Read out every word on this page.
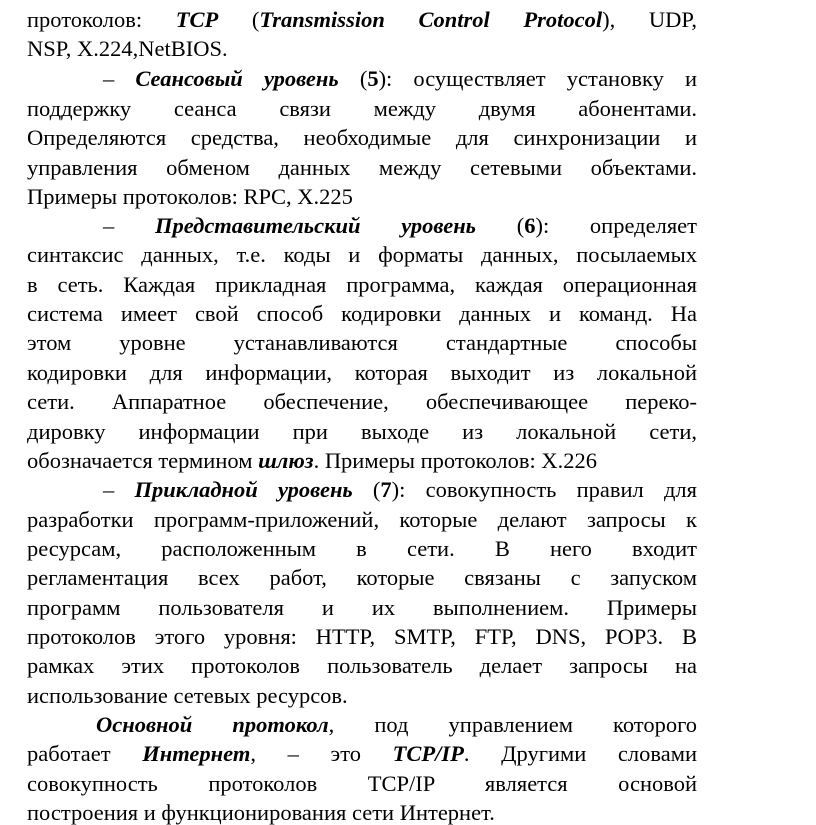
протоколов: TCP (Transmission Control Protocol), UDP,
NSP, X.224,NetBIOS.
– Сеансовый уровень (5): осуществляет установку и
поддержку сеанса связи между двумя абонентами.
Определяются средства, необходимые для синхронизации и
управления обменом данных между сетевыми объектами.
Примеры протоколов: RPC, X.225
– Представительский уровень (6): определяет
синтаксис данных, т.е. коды и форматы данных, посылаемых
в сеть. Каждая прикладная программа, каждая операционная
система имеет свой способ кодировки данных и команд. На
этом уровне устанавливаются стандартные способы
кодировки для информации, которая выходит из локальной
сети. Аппаратное обеспечение, обеспечивающее переко-
дировку информации при выходе из локальной сети,
обозначается термином шлюз. Примеры протоколов: X.226
– Прикладной уровень (7): совокупность правил для
разработки программ-приложений, которые делают запросы к
ресурсам, расположенным в сети. В него входит
регламентация всех работ, которые связаны с запуском
программ пользователя и их выполнением. Примеры
протоколов этого уровня: HTTP, SMTP, FTP, DNS, POP3. В
рамках этих протоколов пользователь делает запросы на
использование сетевых ресурсов.
Основной протокол, под управлением которого
работает Интернет, – это TCP/IP. Другими словами
совокупность протоколов TCP/IP является основой
построения и функционирования сети Интернет.
